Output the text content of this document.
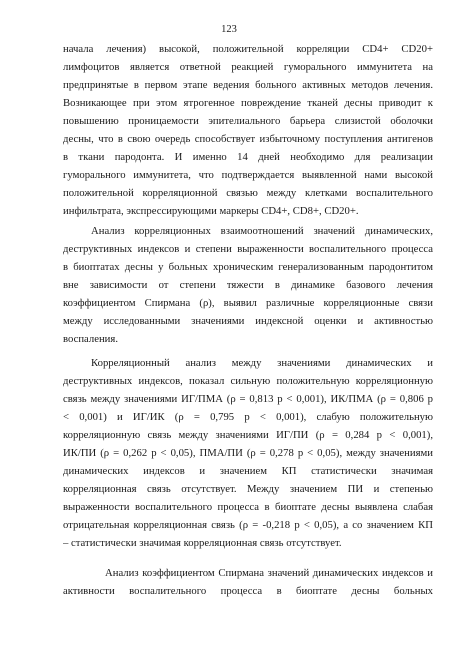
123
начала лечения) высокой, положительной корреляции CD4+ CD20+
лимфоцитов является ответной реакцией гуморального иммунитета на
предпринятые в первом этапе ведения больного активных методов лечения.
Возникающее при этом ятрогенное повреждение тканей десны приводит к
повышению проницаемости эпителиального барьера слизистой оболочки
десны, что в свою очередь способствует избыточному поступления антигенов
в ткани пародонта. И именно 14 дней необходимо для реализации
гуморального иммунитета, что подтверждается выявленной нами высокой
положительной корреляционной связью между клетками воспалительного
инфильтрата, экспрессирующими маркеры CD4+, CD8+, CD20+.
Анализ корреляционных взаимоотношений значений динамических,
деструктивных индексов и степени выраженности воспалительного процесса
в биоптатах десны у больных хроническим генерализованным пародонтитом
вне зависимости от степени тяжести в динамике базового лечения
коэффициентом Спирмана (ρ), выявил различные корреляционные связи
между исследованными значениями индексной оценки и активностью
воспаления.
Корреляционный анализ между значениями динамических и
деструктивных индексов, показал сильную положительную корреляционную
связь между значениями ИГ/ПМА (ρ = 0,813 p < 0,001), ИК/ПМА (ρ = 0,806 p
< 0,001) и ИГ/ИК (ρ = 0,795 p < 0,001), слабую положительную
корреляционную связь между значениями ИГ/ПИ (ρ = 0,284 p < 0,001),
ИК/ПИ (ρ = 0,262 p < 0,05), ПМА/ПИ (ρ = 0,278 p < 0,05), между значениями
динамических индексов и значением КП статистически значимая
корреляционная связь отсутствует. Между значением ПИ и степенью
выраженности воспалительного процесса в биоптате десны выявлена слабая
отрицательная корреляционная связь (ρ = -0,218 p < 0,05), а со значением КП
– статистически значимая корреляционная связь отсутствует.
Анализ коэффициентом Спирмана значений динамических индексов и
активности воспалительного процесса в биоптате десны больных
